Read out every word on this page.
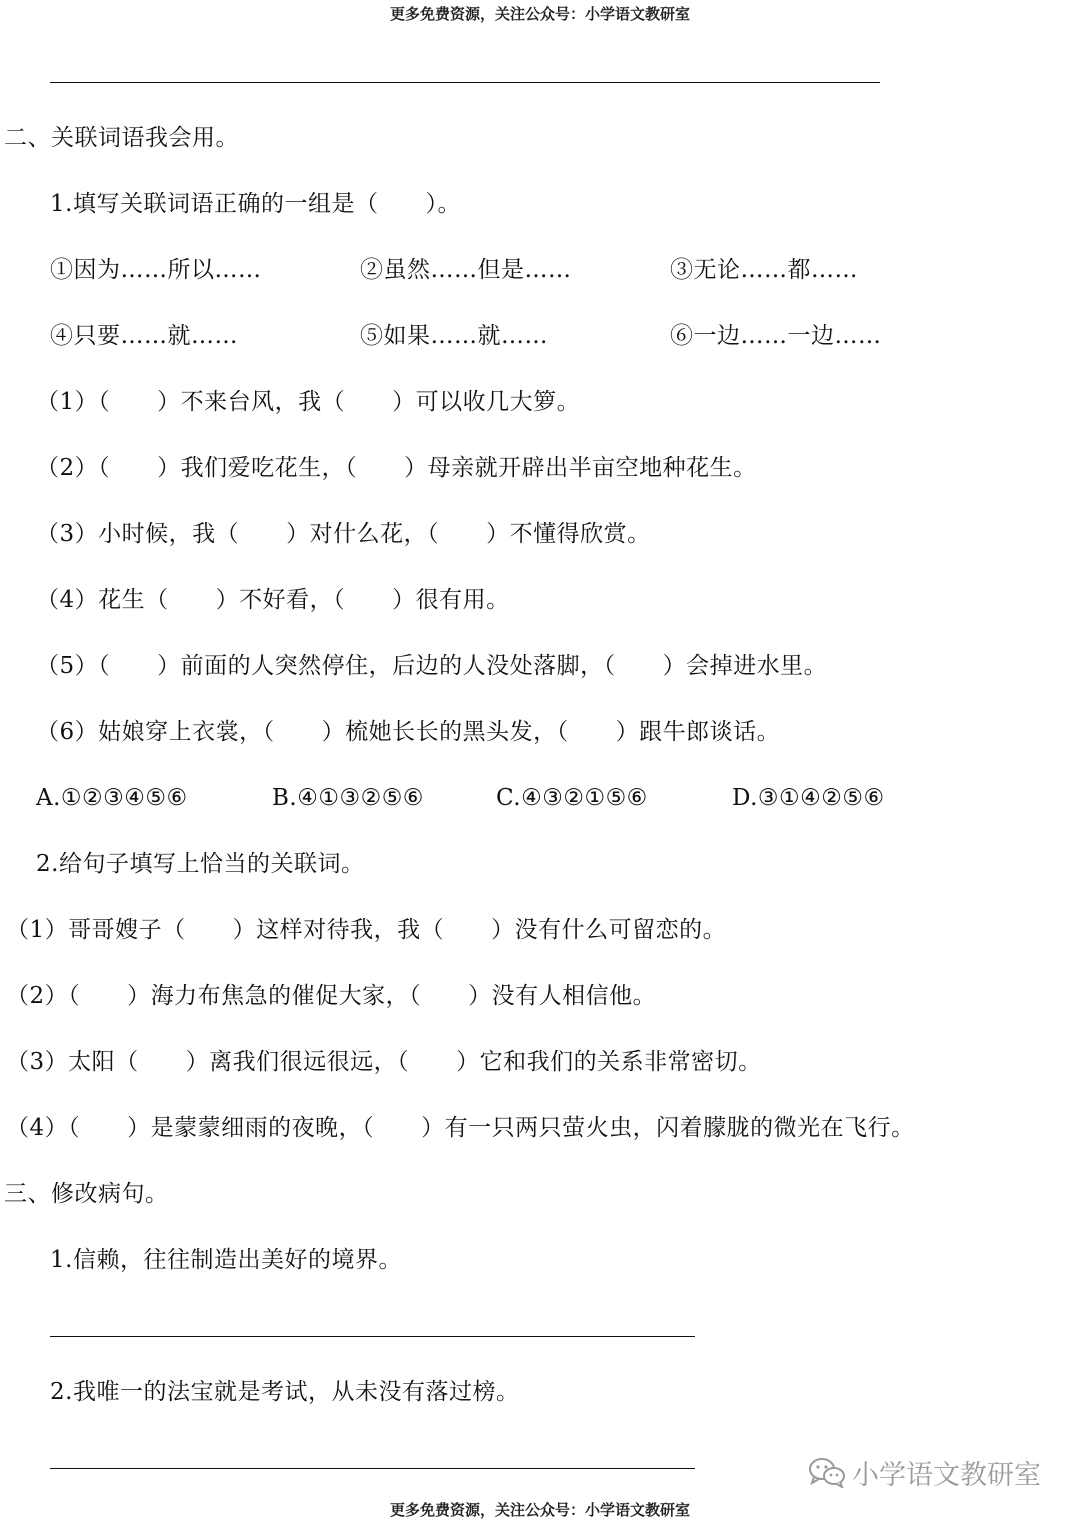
更多免费资源，关注公众号：小学语文教研室
二、关联词语我会用。
1.填写关联词语正确的一组是（　　）。
①因为……所以……	②虽然……但是……	③无论……都……
④只要……就……	⑤如果……就……	⑥一边……一边……
（1）（　　）不来台风，我（　　）可以收几大箩。
（2）（　　）我们爱吃花生，（　　）母亲就开辟出半亩空地种花生。
（3）小时候，我（　　）对什么花，（　　）不懂得欣赏。
（4）花生（　　）不好看，（　　）很有用。
（5）（　　）前面的人突然停住，后边的人没处落脚，（　　）会掉进水里。
（6）姑娘穿上衣裳，（　　）梳她长长的黑头发，（　　）跟牛郎谈话。
A.①②③④⑤⑥	B.④①③②⑤⑥	C.④③②①⑤⑥	D.③①④②⑤⑥
2.给句子填写上恰当的关联词。
（1）哥哥嫂子（　　）这样对待我，我（　　）没有什么可留恋的。
（2）（　　）海力布焦急的催促大家，（　　）没有人相信他。
（3）太阳（　　）离我们很远很远，（　　）它和我们的关系非常密切。
（4）（　　）是蒙蒙细雨的夜晚，（　　）有一只两只萤火虫，闪着朦胧的微光在飞行。
三、修改病句。
1.信赖，往往制造出美好的境界。
2.我唯一的法宝就是考试，从未没有落过榜。
小学语文教研室
更多免费资源，关注公众号：小学语文教研室
